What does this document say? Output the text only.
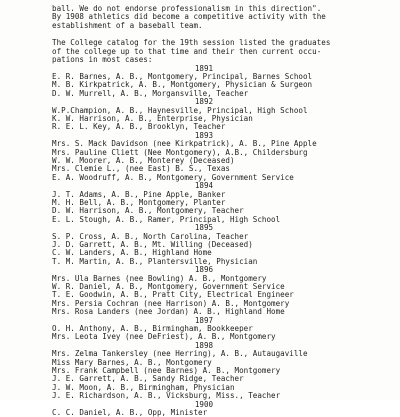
ball. We do not endorse professionalism in this direction".

By 1908 athletics did become a competitive activity with the

establishment of a baseball team.

The College catalog for the 19th session listed the graduates

of the college up to that time and their then current occu-

pations in most cases:

1891

E. R. Barnes, A. B., Montgomery, Principal, Barnes School

M. B. Kirkpatrick, A. B., Montgomery, Physician & Surgeon

D. W. Murrell, A. B., Morgansville, Teacher

1892

W.P.Champion, A. B., Haynesville, Principal, High School

K. W. Harrison, A. B., Enterprise, Physician

R. E. L. Key, A. B., Brooklyn, Teacher

1893

Mrs. S. Mack Davidson (nee Kirkpatrick), A. B., Pine Apple

Mrs. Pauline Cliett (Nee Montgomery), A.B., Childersburg

W. W. Moorer, A. B., Monterey (Deceased)

Mrs. Clemie L., (nee East) B. S., Texas

E. A. Woodruff, A. B., Montgomery, Government Service

1894

J. T. Adams, A. B., Pine Apple, Banker

M. H. Bell, A. B., Montgomery, Planter

D. W. Harrison, A. B., Montgomery, Teacher

E. L. Stough, A. B., Ramer, Principal, High School

1895

S. P. Cross, A. B., North Carolina, Teacher

J. D. Garrett, A. B., Mt. Willing (Deceased)

C. W. Landers, A. B., Highland Home

T. M. Martin, A. B., Plantersville, Physician

1896

Mrs. Ula Barnes (nee Bowling) A. B., Montgomery

W. R. Daniel, A. B., Montgomery, Government Service

T. E. Goodwin, A. B., Pratt City, Electrical Engineer

Mrs. Persia Cochran (nee Harrison) A. B., Montgomery

Mrs. Rosa Landers (nee Jordan) A. B., Highland Home

1897

O. H. Anthony, A. B., Birmingham, Bookkeeper

Mrs. Leota Ivey (nee DeFriest), A. B., Montgomery

1898

Mrs. Zelma Tankersley (nee Herring), A. B., Autaugaville

Miss Mary Barnes, A. B., Montgomery

Mrs. Frank Campbell (nee Barnes) A. B., Montgomery

J. E. Garrett, A. B., Sandy Ridge, Teacher

J. W. Moon, A. B., Birmingham, Physician

J. E. Richardson, A. B., Vicksburg, Miss., Teacher

1900

C. C. Daniel, A. B., Opp, Minister
